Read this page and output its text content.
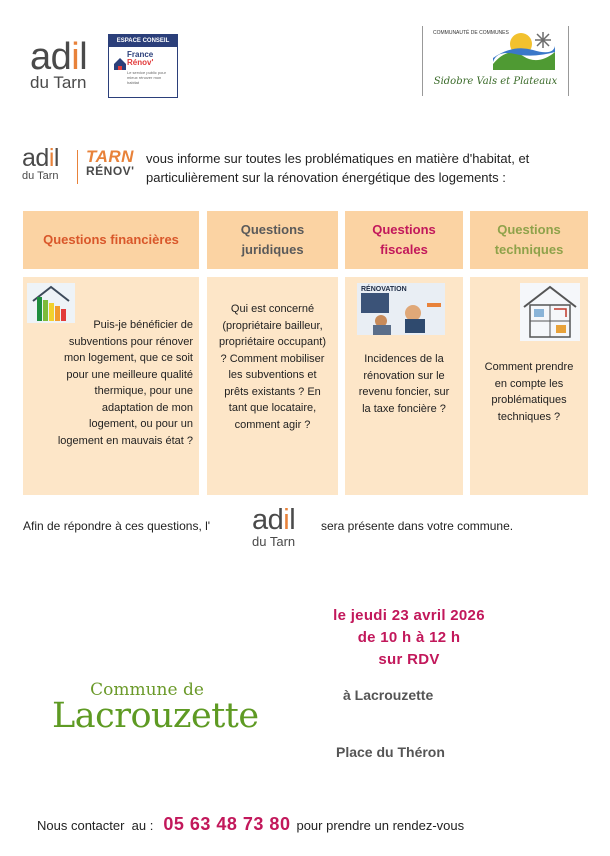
adil
du Tarn
ESPACE CONSEIL
France
Rénov'
Le service public pour mieux rénover mon habitat
COMMUNAUTÉ DE COMMUNES
Sidobre Vals et Plateaux
adil
du Tarn
TARN
RÉNOV'
vous informe sur toutes les problématiques en matière d'habitat, et
particulièrement sur la rénovation énergétique des logements :
Questions financières
Questions juridiques
Questions fiscales
Questions techniques
Puis-je bénéficier de subventions pour rénover mon logement, que ce soit pour une meilleure qualité thermique, pour une adaptation de mon logement, ou pour un logement en mauvais état ?
Qui est concerné (propriétaire bailleur, propriétaire occupant) ? Comment mobiliser les subventions et prêts existants ? En tant que locataire, comment agir ?
RÉNOVATION
Incidences de la rénovation sur le revenu foncier, sur la taxe foncière ?
Comment prendre en compte les problématiques techniques ?
Afin de répondre à ces questions, l' adil
du Tarn
sera présente dans votre commune.
le jeudi 23 avril 2026
de 10 h à 12 h
sur RDV
Commune de
Lacrouzette
à Lacrouzette
Place du Théron
Nous contacter  au : 05 63 48 73 80 pour prendre un rendez-vous
